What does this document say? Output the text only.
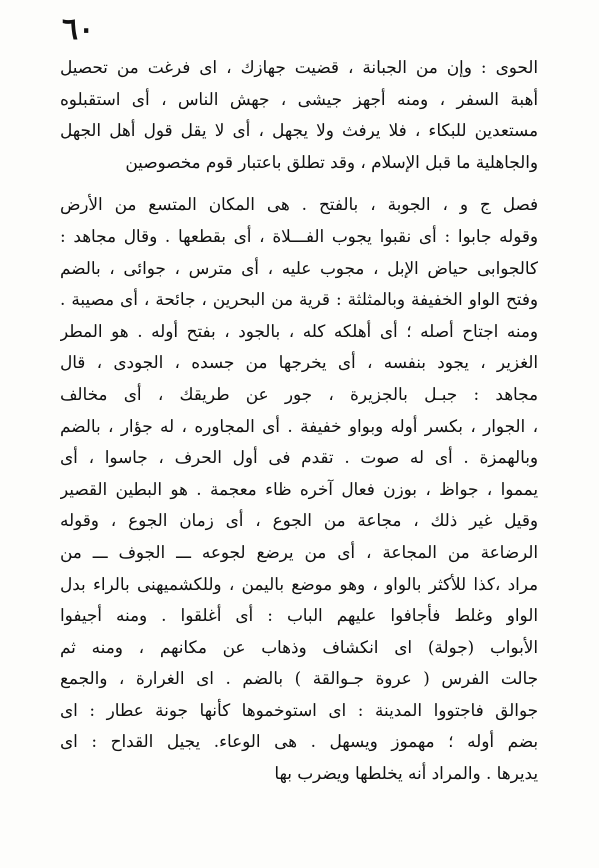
٦٠
الحوى : وإن من الجبانة ، قضيت جهازك ، اى فرغت من تحصيل
أهبة السفر ، ومنه أجهز جيشى ، جهش الناس ، أى استقبلوه
مستعدين للبكاء ، فلا يرفث ولا يجهل ، أى لا يقل قول أهل الجهل
والجاهلية ما قبل الإسلام ، وقد تطلق باعتبار قوم مخصوصين
فصل ج و ، الجوبة ، بالفتح . هى المكان المتسع من الأرض
وقوله جابوا : أى نقبوا يجوب الفـــلاة ، أى بقطعها . وقال مجاهد :
كالجوابى حياض الإبل ، مجوب عليه ، أى مترس ، جوائى ، بالضم
وفتح الواو الخفيفة وبالمثلثة : قرية من البحرين ، جائحة ، أى مصيبة .
ومنه اجتاح أصله ؛ أى أهلكه كله ، بالجود ، بفتح أوله . هو المطر
الغزير ، يجود بنفسه ، أى يخرجها من جسده ، الجودى ، قال
مجاهد : جبـل بالجزيرة ، جور عن طريقك ، أى مخالف
، الجوار ، بكسر أوله وبواو خفيفة . أى المجاوره ، له جؤار ، بالضم
وبالهمزة . أى له صوت . تقدم فى أول الحرف ، جاسوا ، أى
يمموا ، جواظ ، بوزن فعال آخره ظاء معجمة . هو البطين القصير
وقيل غير ذلك ، مجاعة من الجوع ، أى زمان الجوع ، وقوله
الرضاعة من المجاعة ، أى من يرضع لجوعه ـــ الجوف ـــ من
مراد ،كذا للأكثر بالواو ، وهو موضع باليمن ، وللكشميهنى بالراء بدل
الواو وغلط فأجافوا عليهم الباب : أى أغلقوا . ومنه أجيفوا
الأبواب (جولة) اى انكشاف وذهاب عن مكانهم ، ومنه ثم
جالت الفرس ( عروة جـوالقة ) بالضم . اى الغرارة ، والجمع
جوالق فاجتووا المدينة : اى استوخموها كأنها جونة عطار : اى
بضم أوله ؛ مهموز ويسهل . هى الوعاء. يجيل القداح : اى
يديرها . والمراد أنه يخلطها ويضرب بها
